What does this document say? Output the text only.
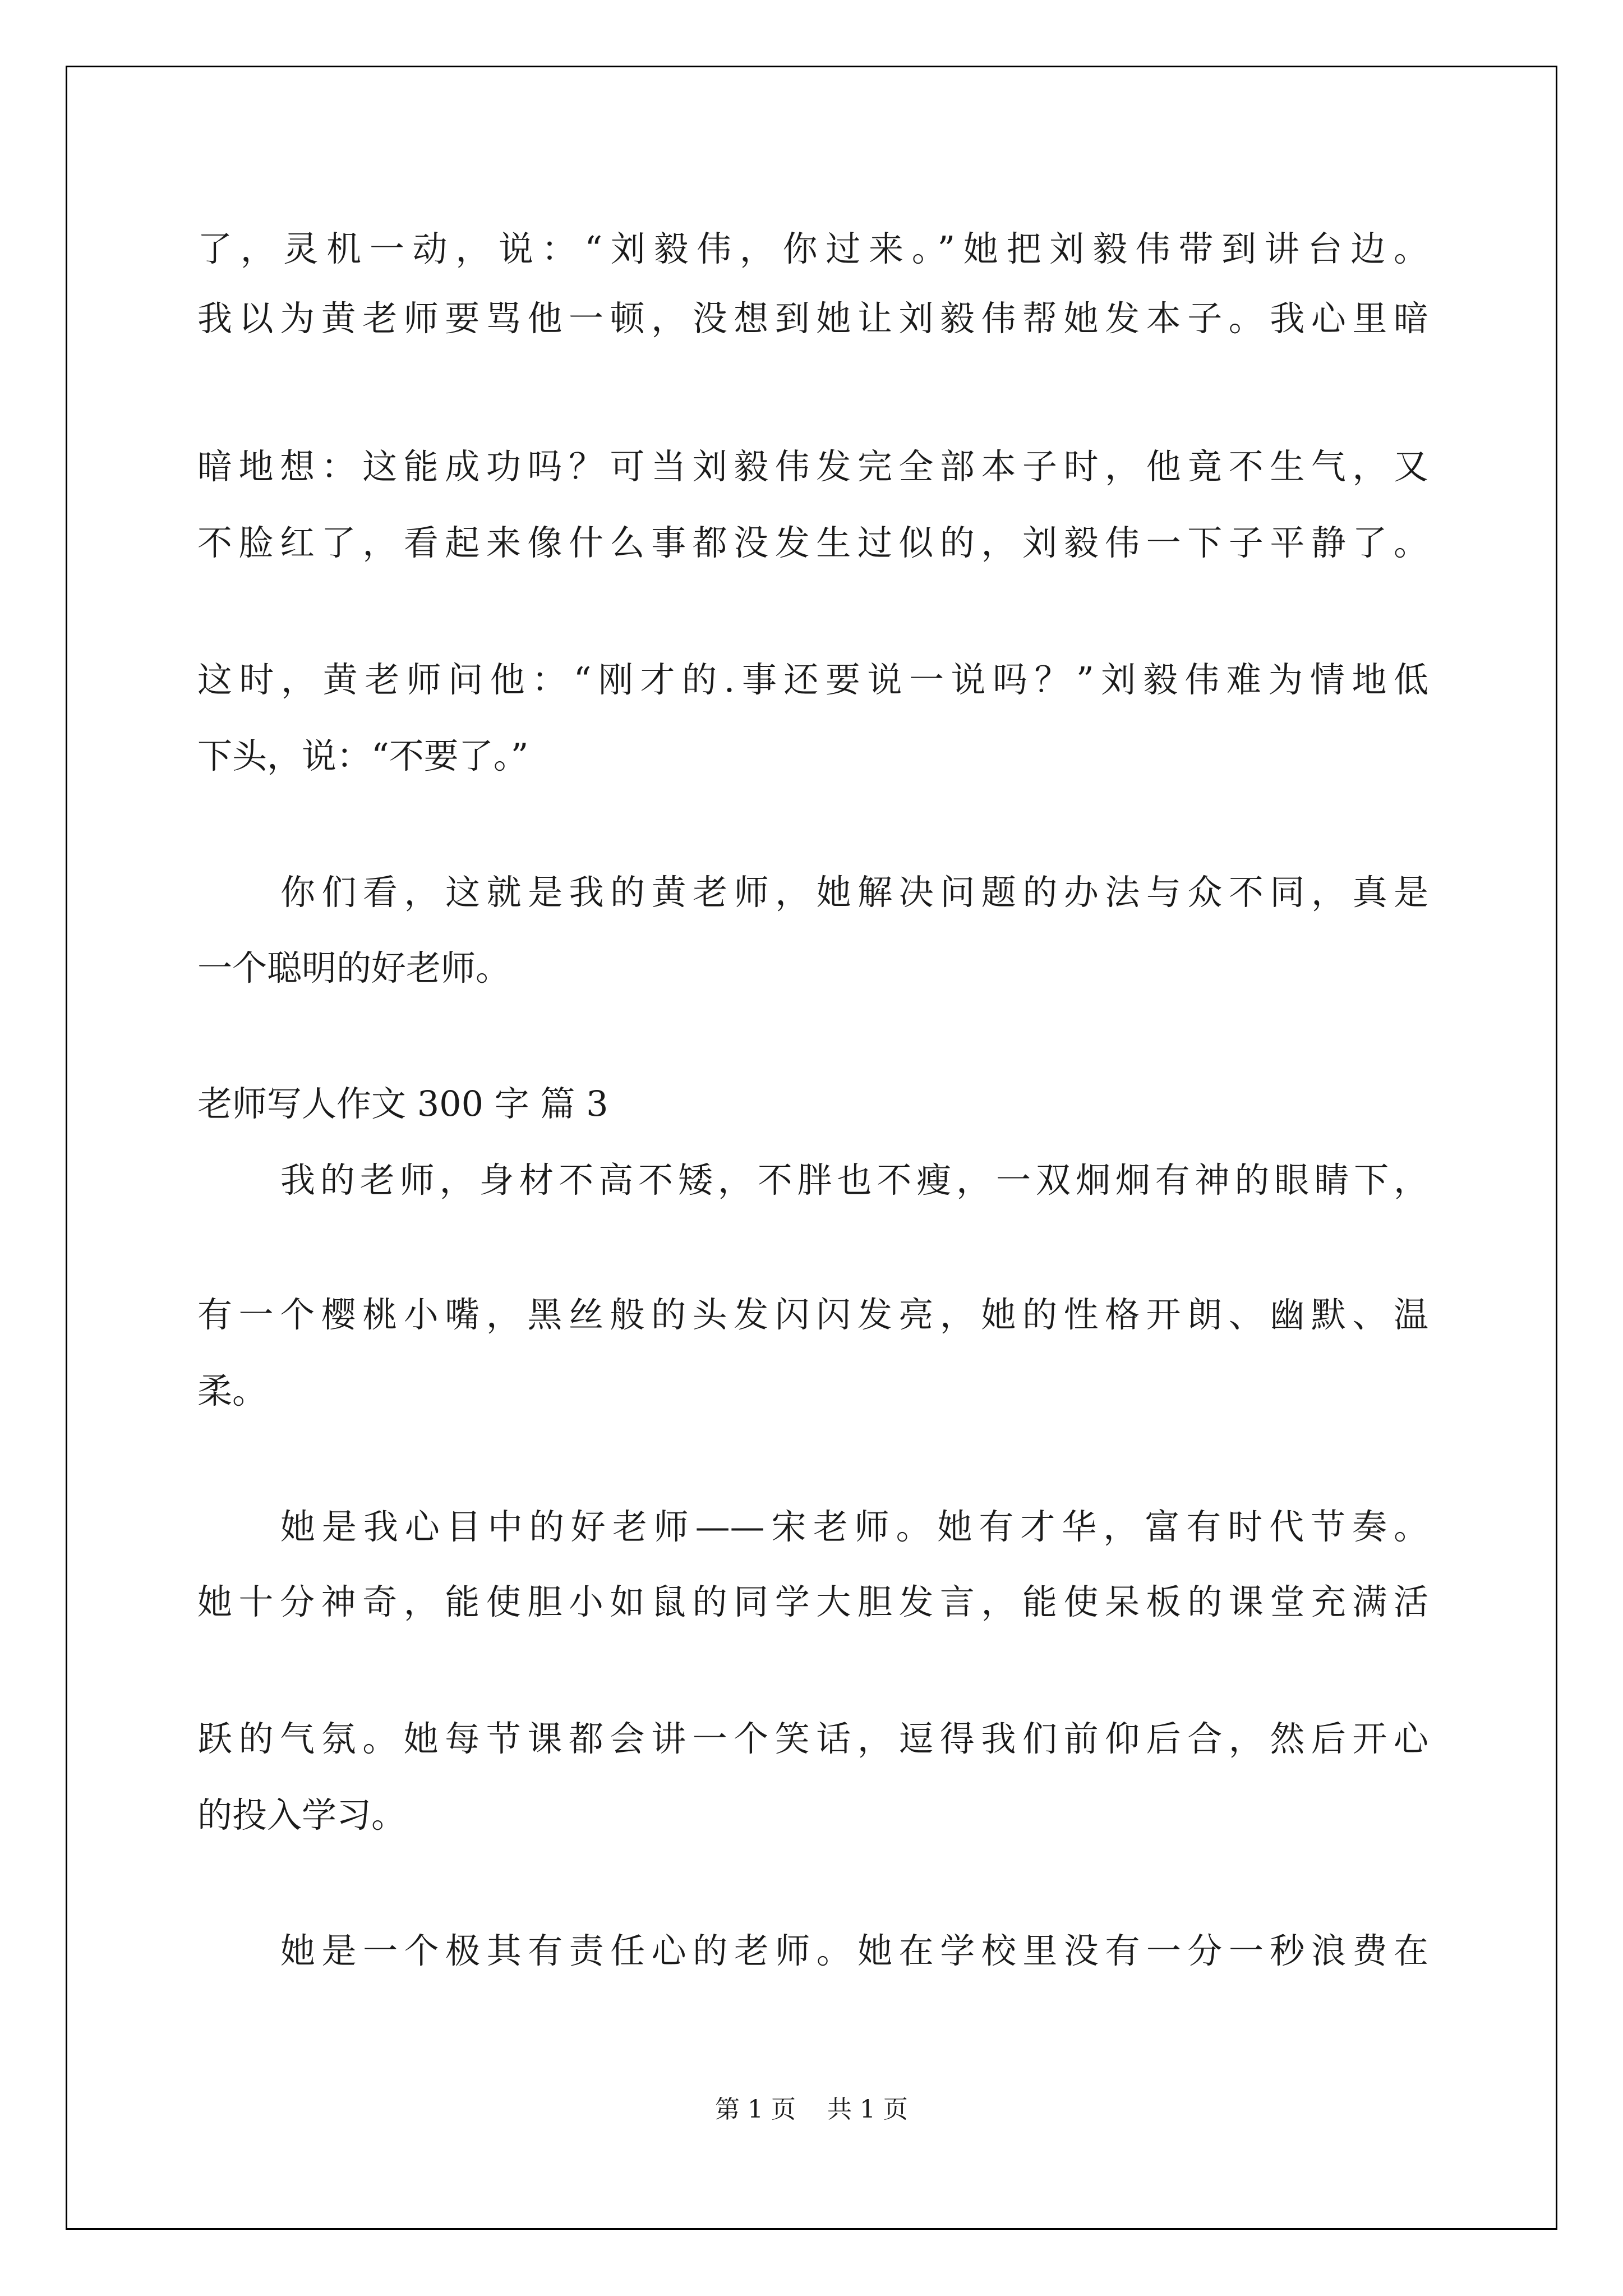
了，灵机一动，说：“刘毅伟，你过来。”她把刘毅伟带到讲台边。
我以为黄老师要骂他一顿，没想到她让刘毅伟帮她发本子。我心里暗
暗地想：这能成功吗？可当刘毅伟发完全部本子时，他竟不生气，又
不脸红了，看起来像什么事都没发生过似的，刘毅伟一下子平静了。
这时，黄老师问他：“刚才的.事还要说一说吗？”刘毅伟难为情地低
下头，说：“不要了。”
你们看，这就是我的黄老师，她解决问题的办法与众不同，真是
一个聪明的好老师。
老师写人作文 300 字 篇 3
我的老师，身材不高不矮，不胖也不瘦，一双炯炯有神的眼睛下，
有一个樱桃小嘴，黑丝般的头发闪闪发亮，她的性格开朗、幽默、温
柔。
她是我心目中的好老师——宋老师。她有才华，富有时代节奏。
她十分神奇，能使胆小如鼠的同学大胆发言，能使呆板的课堂充满活
跃的气氛。她每节课都会讲一个笑话，逗得我们前仰后合，然后开心
的投入学习。
她是一个极其有责任心的老师。她在学校里没有一分一秒浪费在
第 1 页    共 1 页
